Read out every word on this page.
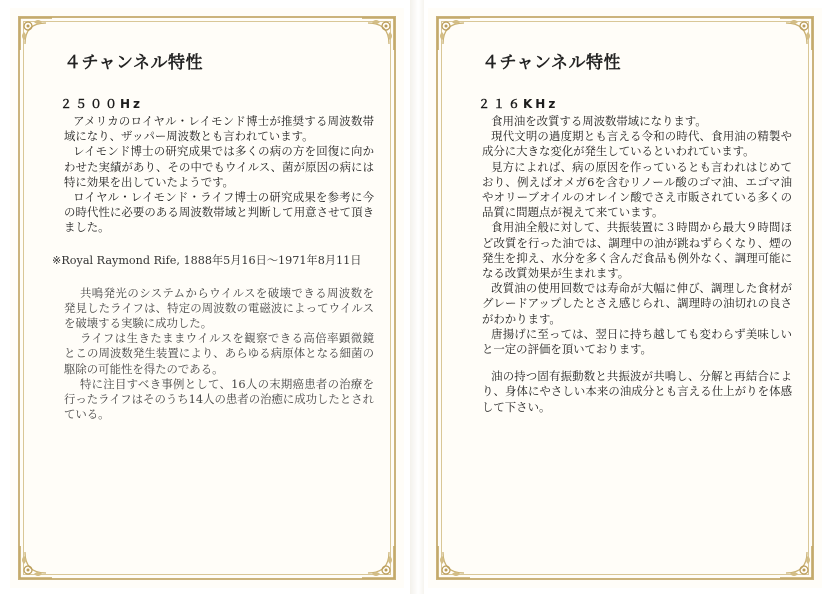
４チャンネル特性
２５００Hz

アメリカのロイヤル・レイモンド博士が推奨する周波数帯域になり、ザッパー周波数とも言われています。

レイモンド博士の研究成果では多くの病の方を回復に向かわせた実績があり、その中でもウイルス、菌が原因の病には特に効果を出していたようです。

ロイヤル・レイモンド・ライフ博士の研究成果を参考に今の時代性に必要のある周波数帯域と判断して用意させて頂きました。

※Royal Raymond Rife, 1888年5月16日～1971年8月11日

共鳴発光のシステムからウイルスを破壊できる周波数を発見したライフは、特定の周波数の電磁波によってウイルスを破壊する実験に成功した。

ライフは生きたままウイルスを観察できる高倍率顕微鏡とこの周波数発生装置により、あらゆる病原体となる細菌の駆除の可能性を得たのである。

特に注目すべき事例として、16人の末期癌患者の治療を行ったライフはそのうち14人の患者の治癒に成功したとされている。

４チャンネル特性
２１６KHz

食用油を改質する周波数帯域になります。

現代文明の過度期とも言える令和の時代、食用油の精製や成分に大きな変化が発生しているといわれています。

見方によれば、病の原因を作っているとも言われはじめており、例えばオメガ6を含むリノール酸のゴマ油、エゴマ油やオリーブオイルのオレイン酸でさえ市販されている多くの品質に問題点が視えて来ています。

食用油全般に対して、共振装置に３時間から最大９時間ほど改質を行った油では、調理中の油が跳ねずらくなり、煙の発生を抑え、水分を多く含んだ食品も例外なく、調理可能になる改質効果が生まれます。

改質油の使用回数では寿命が大幅に伸び、調理した食材がグレードアップしたとさえ感じられ、調理時の油切れの良さがわかります。

唐揚げに至っては、翌日に持ち越しても変わらず美味しいと一定の評価を頂いております。

油の持つ固有振動数と共振波が共鳴し、分解と再結合により、身体にやさしい本来の油成分とも言える仕上がりを体感して下さい。
